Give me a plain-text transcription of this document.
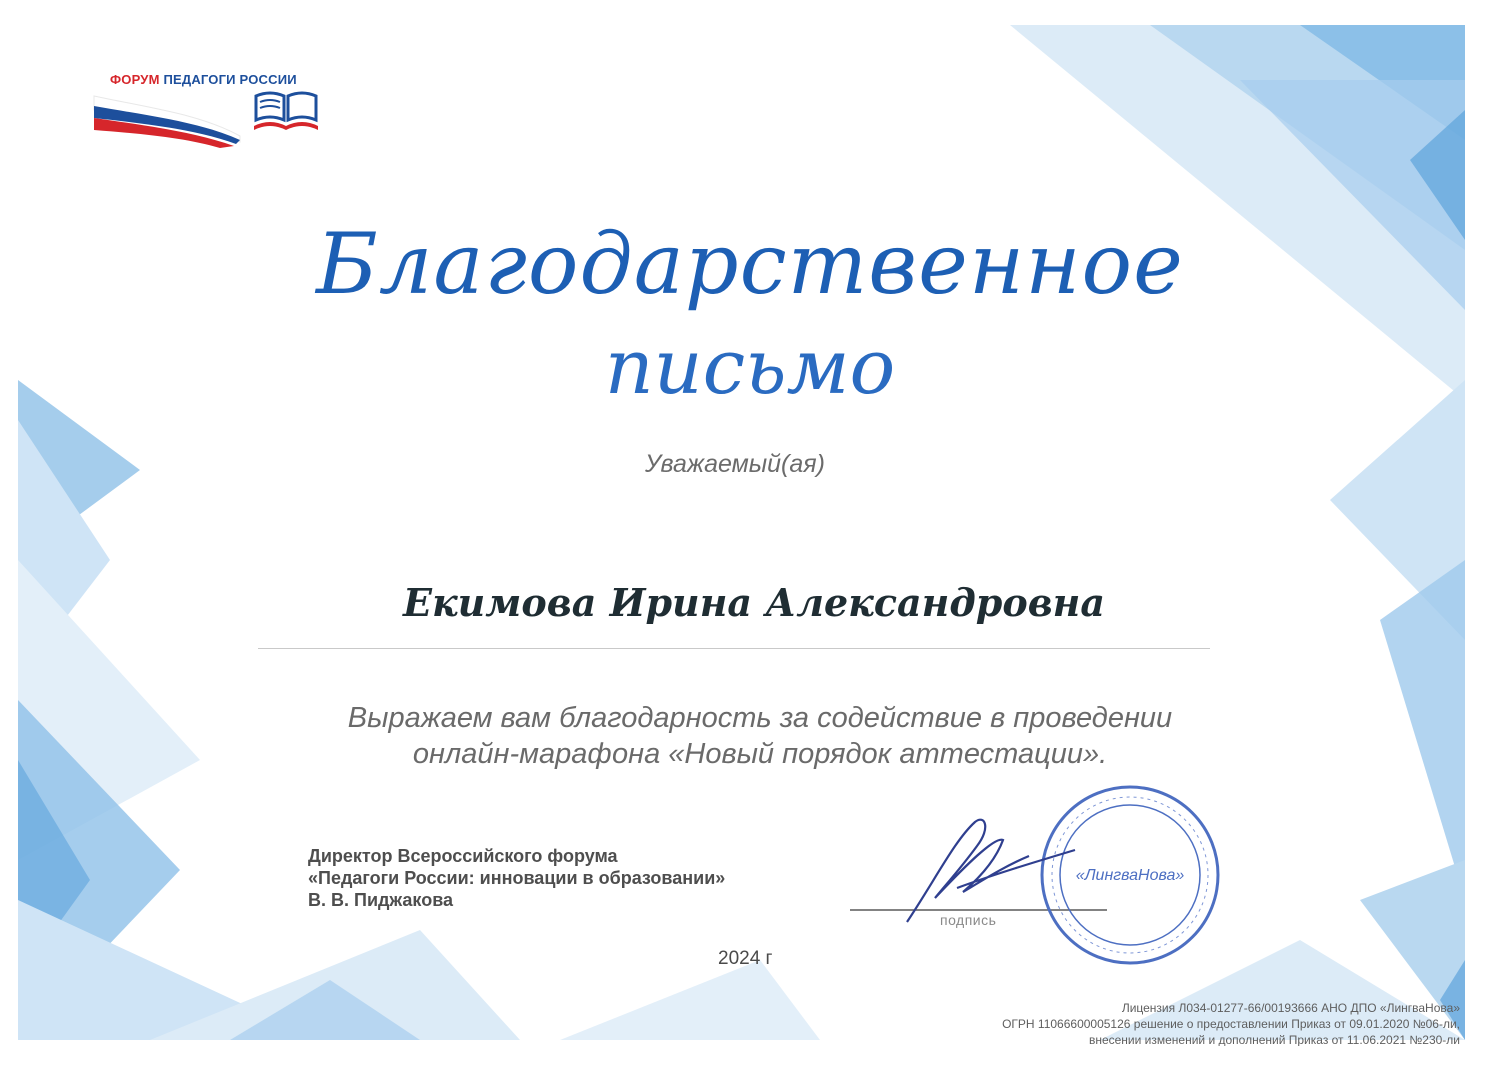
ФОРУМ ПЕДАГОГИ РОССИИ
Благодарственное
письмо
Уважаемый(ая)
Екимова Ирина Александровна
Выражаем вам благодарность за содействие в проведении
онлайн-марафона «Новый порядок аттестации».
Директор Всероссийского форума
«Педагоги России: инновации в образовании»
В. В. Пиджакова
«ЛингваНова»
подпись
2024 г
Лицензия Л034-01277-66/00193666 АНО ДПО «ЛингваНова»
ОГРН 11066600005126 решение о предоставлении Приказ от 09.01.2020 №06-ли,
внесении изменений и дополнений Приказ от 11.06.2021 №230-ли
